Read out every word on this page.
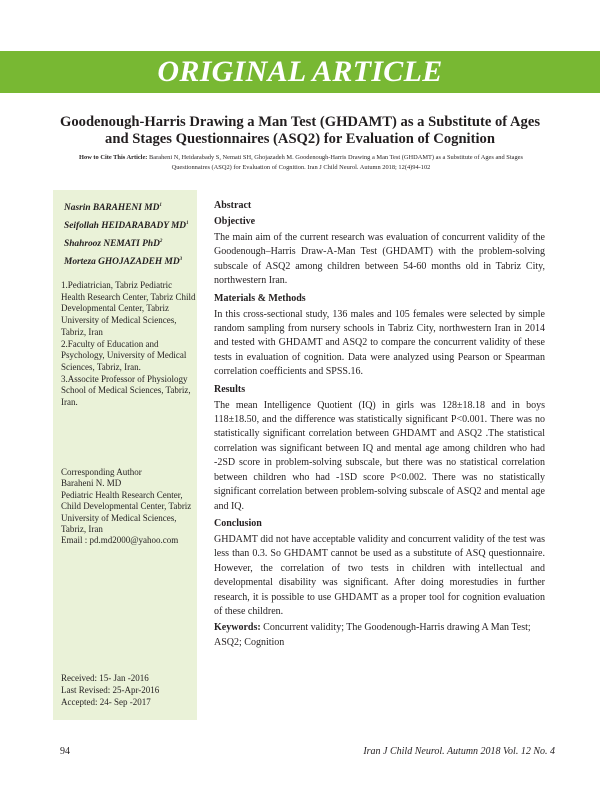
ORIGINAL ARTICLE
Goodenough-Harris Drawing a Man Test (GHDAMT) as a Substitute of Ages and Stages Questionnaires (ASQ2) for Evaluation of Cognition
How to Cite This Article: Baraheni N, Heidarabady S, Nemati SH, Ghojazadeh M. Goodenough-Harris Drawing a Man Test (GHDAMT) as a Substitute of Ages and Stages Questionnaires (ASQ2) for Evaluation of Cognition. Iran J Child Neurol. Autumn 2018; 12(4)94-102
Nasrin BARAHENI $MD^1$
Seifollah HEIDARABADY $MD^1$
Shahrooz NEMATI PhD$^2$
Morteza GHOJAZADEH $MD^3$
1.Pediatrician, Tabriz Pediatric Health Research Center, Tabriz Child Developmental Center, Tabriz University of Medical Sciences, Tabriz, Iran
2.Faculty of Education and Psychology, University of Medical Sciences, Tabriz, Iran.
3.Associte Professor of Physiology School of Medical Sciences, Tabriz, Iran.
Corresponding Author
Baraheni N. MD
Pediatric Health Research Center, Child Developmental Center, Tabriz University of Medical Sciences, Tabriz, Iran
Email : pd.md2000@yahoo.com
Received: 15- Jan -2016
Last Revised: 25-Apr-2016
Accepted: 24- Sep -2017

Abstract

Objective

The main aim of the current research was evaluation of concurrent validity of the Goodenough–Harris Draw-A-Man Test (GHDAMT) with the problem-solving subscale of ASQ2 among children between 54-60 months old in Tabriz City, northwestern Iran.

Materials & Methods

In this cross-sectional study, 136 males and 105 females were selected by simple random sampling from nursery schools in Tabriz City, northwestern Iran in 2014 and tested with GHDAMT and ASQ2 to compare the concurrent validity of these tests in evaluation of cognition. Data were analyzed using Pearson or Spearman correlation coefficients and SPSS.16.

Results

The mean Intelligence Quotient (IQ) in girls was 128±18.18 and in boys 118±18.50, and the difference was statistically significant P<0.001. There was no statistically significant correlation between GHDAMT and ASQ2 .The statistical correlation was significant between IQ and mental age among children who had -2SD score in problem-solving subscale, but there was no statistical correlation between children who had -1SD score P<0.002. There was no statistically significant correlation between problem-solving subscale of ASQ2 and mental age and IQ.

Conclusion

GHDAMT did not have acceptable validity and concurrent validity of the test was less than 0.3. So GHDAMT cannot be used as a substitute of ASQ questionnaire. However, the correlation of two tests in children with intellectual and developmental disability was significant. After doing morestudies in further research, it is possible to use GHDAMT as a proper tool for cognition evaluation of these children.

Keywords: Concurrent validity; The Goodenough-Harris drawing A Man Test; ASQ2; Cognition

94	Iran J Child Neurol. Autumn 2018 Vol. 12 No. 4
